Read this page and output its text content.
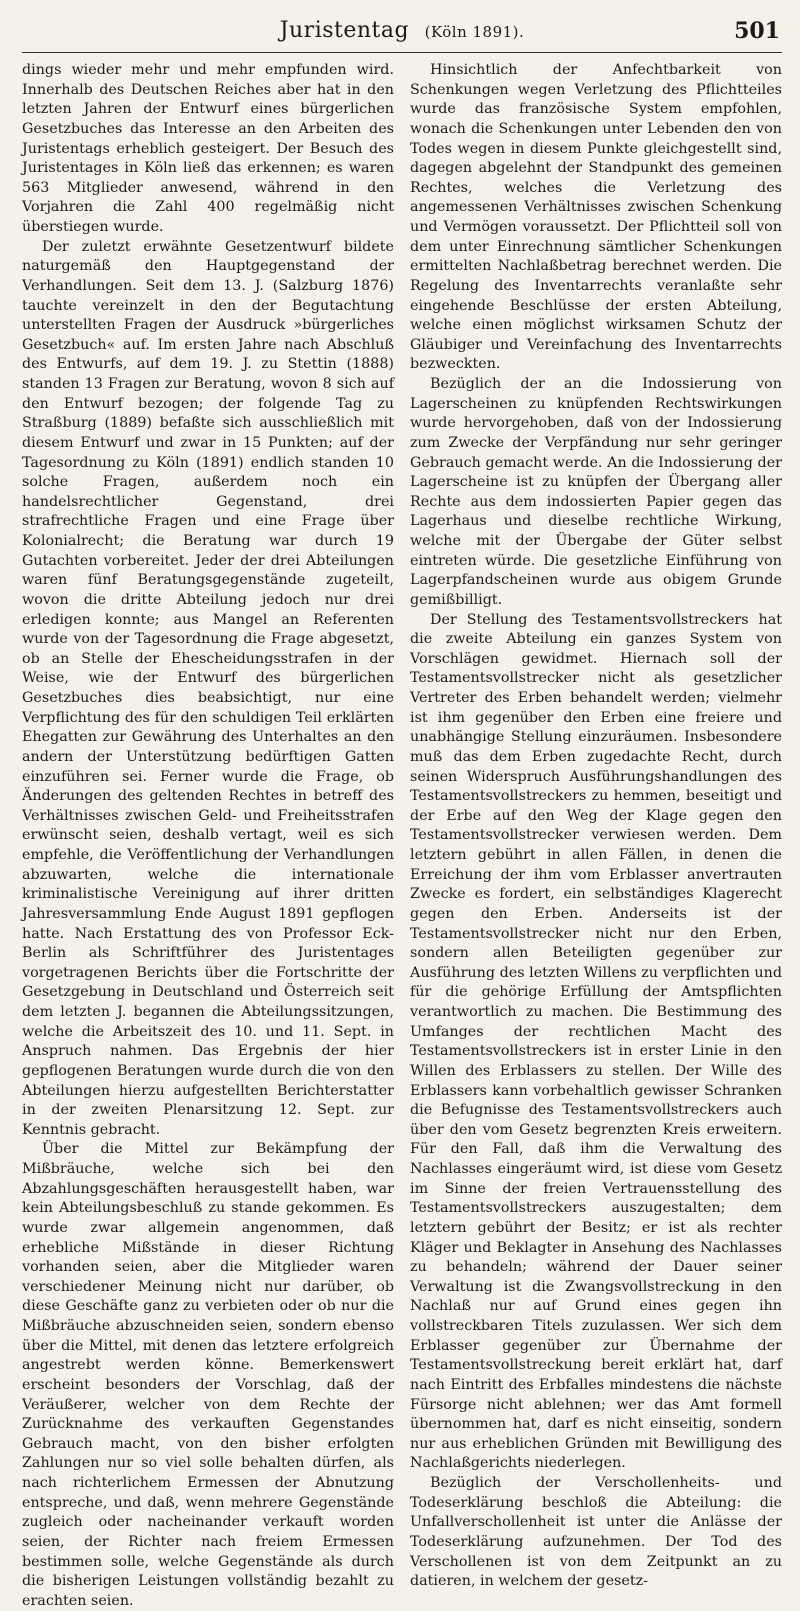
Juristentag (Köln 1891).	501

dings wieder mehr und mehr empfunden wird. Innerhalb des Deutschen Reiches aber hat in den letzten Jahren der Entwurf eines bürgerlichen Gesetzbuches das Interesse an den Arbeiten des Juristentags erheblich gesteigert. Der Besuch des Juristentages in Köln ließ das erkennen; es waren 563 Mitglieder anwesend, während in den Vorjahren die Zahl 400 regelmäßig nicht überstiegen wurde.

Der zuletzt erwähnte Gesetzentwurf bildete naturgemäß den Hauptgegenstand der Verhandlungen. Seit dem 13. J. (Salzburg 1876) tauchte vereinzelt in den der Begutachtung unterstellten Fragen der Ausdruck »bürgerliches Gesetzbuch« auf. Im ersten Jahre nach Abschluß des Entwurfs, auf dem 19. J. zu Stettin (1888) standen 13 Fragen zur Beratung, wovon 8 sich auf den Entwurf bezogen; der folgende Tag zu Straßburg (1889) befaßte sich ausschließlich mit diesem Entwurf und zwar in 15 Punkten; auf der Tagesordnung zu Köln (1891) endlich standen 10 solche Fragen, außerdem noch ein handelsrechtlicher Gegenstand, drei strafrechtliche Fragen und eine Frage über Kolonialrecht; die Beratung war durch 19 Gutachten vorbereitet. Jeder der drei Abteilungen waren fünf Beratungsgegenstände zugeteilt, wovon die dritte Abteilung jedoch nur drei erledigen konnte; aus Mangel an Referenten wurde von der Tagesordnung die Frage abgesetzt, ob an Stelle der Ehescheidungsstrafen in der Weise, wie der Entwurf des bürgerlichen Gesetzbuches dies beabsichtigt, nur eine Verpflichtung des für den schuldigen Teil erklärten Ehegatten zur Gewährung des Unterhaltes an den andern der Unterstützung bedürftigen Gatten einzuführen sei. Ferner wurde die Frage, ob Änderungen des geltenden Rechtes in betreff des Verhältnisses zwischen Geld- und Freiheitsstrafen erwünscht seien, deshalb vertagt, weil es sich empfehle, die Veröffentlichung der Verhandlungen abzuwarten, welche die internationale kriminalistische Vereinigung auf ihrer dritten Jahresversammlung Ende August 1891 gepflogen hatte. Nach Erstattung des von Professor Eck-Berlin als Schriftführer des Juristentages vorgetragenen Berichts über die Fortschritte der Gesetzgebung in Deutschland und Österreich seit dem letzten J. begannen die Abteilungssitzungen, welche die Arbeitszeit des 10. und 11. Sept. in Anspruch nahmen. Das Ergebnis der hier gepflogenen Beratungen wurde durch die von den Abteilungen hierzu aufgestellten Berichterstatter in der zweiten Plenarsitzung 12. Sept. zur Kenntnis gebracht.

Über die Mittel zur Bekämpfung der Mißbräuche, welche sich bei den Abzahlungsgeschäften herausgestellt haben, war kein Abteilungsbeschluß zu stande gekommen. Es wurde zwar allgemein angenommen, daß erhebliche Mißstände in dieser Richtung vorhanden seien, aber die Mitglieder waren verschiedener Meinung nicht nur darüber, ob diese Geschäfte ganz zu verbieten oder ob nur die Mißbräuche abzuschneiden seien, sondern ebenso über die Mittel, mit denen das letztere erfolgreich angestrebt werden könne. Bemerkenswert erscheint besonders der Vorschlag, daß der Veräußerer, welcher von dem Rechte der Zurücknahme des verkauften Gegenstandes Gebrauch macht, von den bisher erfolgten Zahlungen nur so viel solle behalten dürfen, als nach richterlichem Ermessen der Abnutzung entspreche, und daß, wenn mehrere Gegenstände zugleich oder nacheinander verkauft worden seien, der Richter nach freiem Ermessen bestimmen solle, welche Gegenstände als durch die bisherigen Leistungen vollständig bezahlt zu erachten seien.

Hinsichtlich der Anfechtbarkeit von Schenkungen wegen Verletzung des Pflichtteiles wurde das französische System empfohlen, wonach die Schenkungen unter Lebenden den von Todes wegen in diesem Punkte gleichgestellt sind, dagegen abgelehnt der Standpunkt des gemeinen Rechtes, welches die Verletzung des angemessenen Verhältnisses zwischen Schenkung und Vermögen voraussetzt. Der Pflichtteil soll von dem unter Einrechnung sämtlicher Schenkungen ermittelten Nachlaßbetrag berechnet werden. Die Regelung des Inventarrechts veranlaßte sehr eingehende Beschlüsse der ersten Abteilung, welche einen möglichst wirksamen Schutz der Gläubiger und Vereinfachung des Inventarrechts bezweckten.

Bezüglich der an die Indossierung von Lagerscheinen zu knüpfenden Rechtswirkungen wurde hervorgehoben, daß von der Indossierung zum Zwecke der Verpfändung nur sehr geringer Gebrauch gemacht werde. An die Indossierung der Lagerscheine ist zu knüpfen der Übergang aller Rechte aus dem indossierten Papier gegen das Lagerhaus und dieselbe rechtliche Wirkung, welche mit der Übergabe der Güter selbst eintreten würde. Die gesetzliche Einführung von Lagerpfandscheinen wurde aus obigem Grunde gemißbilligt.

Der Stellung des Testamentsvollstreckers hat die zweite Abteilung ein ganzes System von Vorschlägen gewidmet. Hiernach soll der Testamentsvollstrecker nicht als gesetzlicher Vertreter des Erben behandelt werden; vielmehr ist ihm gegenüber den Erben eine freiere und unabhängige Stellung einzuräumen. Insbesondere muß das dem Erben zugedachte Recht, durch seinen Widerspruch Ausführungshandlungen des Testamentsvollstreckers zu hemmen, beseitigt und der Erbe auf den Weg der Klage gegen den Testamentsvollstrecker verwiesen werden. Dem letztern gebührt in allen Fällen, in denen die Erreichung der ihm vom Erblasser anvertrauten Zwecke es fordert, ein selbständiges Klagerecht gegen den Erben. Anderseits ist der Testamentsvollstrecker nicht nur den Erben, sondern allen Beteiligten gegenüber zur Ausführung des letzten Willens zu verpflichten und für die gehörige Erfüllung der Amtspflichten verantwortlich zu machen. Die Bestimmung des Umfanges der rechtlichen Macht des Testamentsvollstreckers ist in erster Linie in den Willen des Erblassers zu stellen. Der Wille des Erblassers kann vorbehaltlich gewisser Schranken die Befugnisse des Testamentsvollstreckers auch über den vom Gesetz begrenzten Kreis erweitern. Für den Fall, daß ihm die Verwaltung des Nachlasses eingeräumt wird, ist diese vom Gesetz im Sinne der freien Vertrauensstellung des Testamentsvollstreckers auszugestalten; dem letztern gebührt der Besitz; er ist als rechter Kläger und Beklagter in Ansehung des Nachlasses zu behandeln; während der Dauer seiner Verwaltung ist die Zwangsvollstreckung in den Nachlaß nur auf Grund eines gegen ihn vollstreckbaren Titels zuzulassen. Wer sich dem Erblasser gegenüber zur Übernahme der Testamentsvollstreckung bereit erklärt hat, darf nach Eintritt des Erbfalles mindestens die nächste Fürsorge nicht ablehnen; wer das Amt formell übernommen hat, darf es nicht einseitig, sondern nur aus erheblichen Gründen mit Bewilligung des Nachlaßgerichts niederlegen.

Bezüglich der Verschollenheits- und Todeserklärung beschloß die Abteilung: die Unfallverschollenheit ist unter die Anlässe der Todeserklärung aufzunehmen. Der Tod des Verschollenen ist von dem Zeitpunkt an zu datieren, in welchem der gesetz-
